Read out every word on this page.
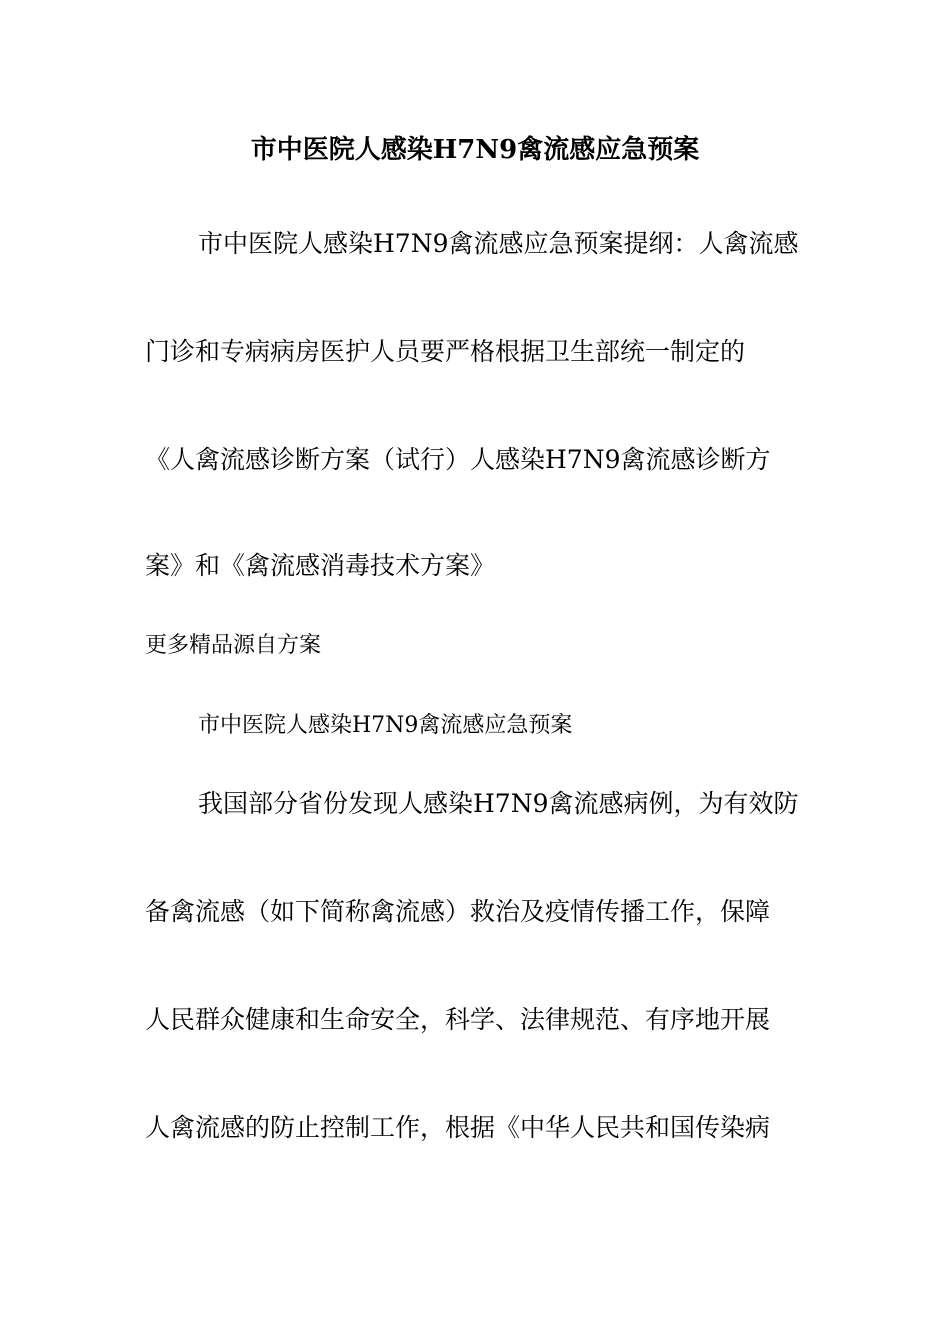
市中医院人感染H7N9禽流感应急预案
市中医院人感染H7N9禽流感应急预案提纲：人禽流感
门诊和专病病房医护人员要严格根据卫生部统一制定的
《人禽流感诊断方案（试行）人感染H7N9禽流感诊断方
案》和《禽流感消毒技术方案》
更多精品源自方案
市中医院人感染H7N9禽流感应急预案
我国部分省份发现人感染H7N9禽流感病例，为有效防
备禽流感（如下简称禽流感）救治及疫情传播工作，保障
人民群众健康和生命安全，科学、法律规范、有序地开展
人禽流感的防止控制工作，根据《中华人民共和国传染病
